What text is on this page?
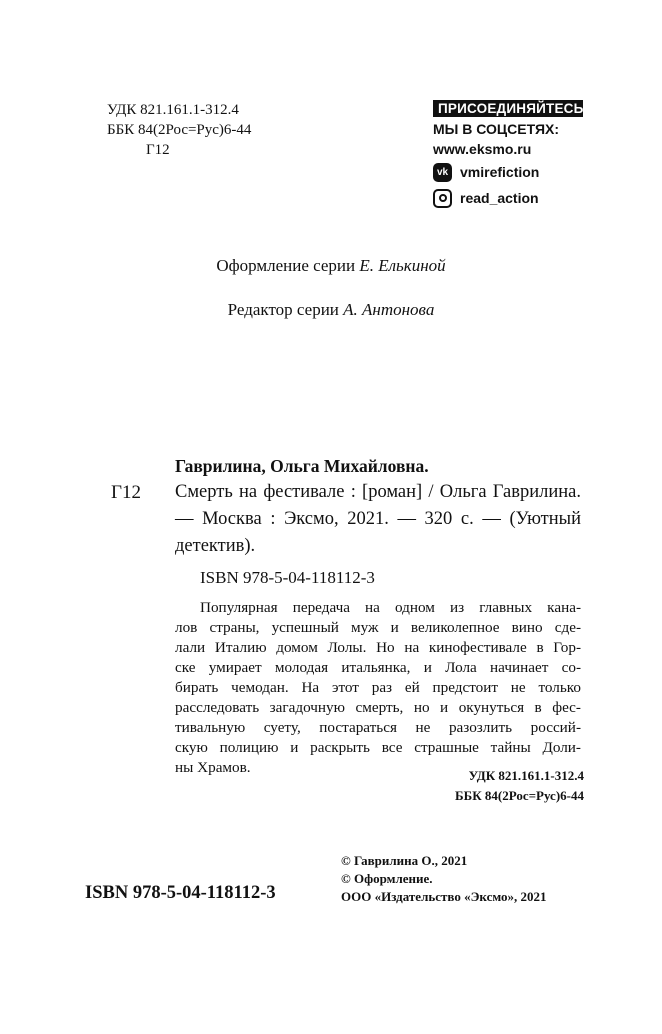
УДК 821.161.1-312.4
ББК 84(2Рос=Рус)6-44
Г12
ПРИСОЕДИНЯЙТЕСЬ
МЫ В СОЦСЕТЯХ:
www.eksmo.ru
vk vmirefiction
read_action
Оформление серии Е. Елькиной
Редактор серии А. Антонова
Гаврилина, Ольга Михайловна.
Г12 Смерть на фестивале : [роман] / Ольга Гаврилина. — Москва : Эксмо, 2021. — 320 с. — (Уютный детектив).
ISBN 978-5-04-118112-3
Популярная передача на одном из главных кана-
лов страны, успешный муж и великолепное вино сде-
лали Италию домом Лолы. Но на кинофестивале в Гор-
ске умирает молодая итальянка, и Лола начинает со-
бирать чемодан. На этот раз ей предстоит не только
расследовать загадочную смерть, но и окунуться в фес-
тивальную суету, постараться не разозлить россий-
скую полицию и раскрыть все страшные тайны Доли-
ны Храмов.	УДК 821.161.1-312.4
ББК 84(2Рос=Рус)6-44
© Гаврилина О., 2021
© Оформление.
ООО «Издательство «Эксмо», 2021
ISBN 978-5-04-118112-3
